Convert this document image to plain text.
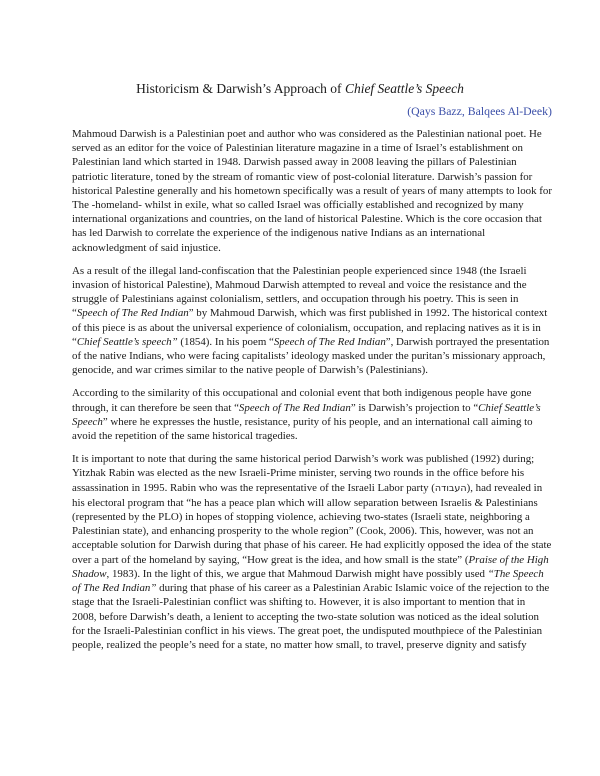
Historicism & Darwish’s Approach of Chief Seattle’s Speech
(Qays Bazz, Balqees Al-Deek)

Mahmoud Darwish is a Palestinian poet and author who was considered as the Palestinian national poet. He served as an editor for the voice of Palestinian literature magazine in a time of Israel’s establishment on Palestinian land which started in 1948. Darwish passed away in 2008 leaving the pillars of Palestinian patriotic literature, toned by the stream of romantic view of post-colonial literature. Darwish’s passion for historical Palestine generally and his hometown specifically was a result of years of many attempts to look for The -homeland- whilst in exile, what so called Israel was officially established and recognized by many international organizations and countries, on the land of historical Palestine. Which is the core occasion that has led Darwish to correlate the experience of the indigenous native Indians as an international acknowledgment of said injustice.

As a result of the illegal land-confiscation that the Palestinian people experienced since 1948 (the Israeli invasion of historical Palestine), Mahmoud Darwish attempted to reveal and voice the resistance and the struggle of Palestinians against colonialism, settlers, and occupation through his poetry. This is seen in “Speech of The Red Indian” by Mahmoud Darwish, which was first published in 1992. The historical context of this piece is as about the universal experience of colonialism, occupation, and replacing natives as it is in “Chief Seattle’s speech” (1854). In his poem “Speech of The Red Indian”, Darwish portrayed the presentation of the native Indians, who were facing capitalists’ ideology masked under the puritan’s missionary approach, genocide, and war crimes similar to the native people of Darwish’s (Palestinians).

According to the similarity of this occupational and colonial event that both indigenous people have gone through, it can therefore be seen that “Speech of The Red Indian” is Darwish’s projection to “Chief Seattle’s Speech” where he expresses the hustle, resistance, purity of his people, and an international call aiming to avoid the repetition of the same historical tragedies.

It is important to note that during the same historical period Darwish’s work was published (1992) during; Yitzhak Rabin was elected as the new Israeli-Prime minister, serving two rounds in the office before his assassination in 1995. Rabin who was the representative of the Israeli Labor party (העבודה), had revealed in his electoral program that “he has a peace plan which will allow separation between Israelis & Palestinians (represented by the PLO) in hopes of stopping violence, achieving two-states (Israeli state, neighboring a Palestinian state), and enhancing prosperity to the whole region” (Cook, 2006). This, however, was not an acceptable solution for Darwish during that phase of his career. He had explicitly opposed the idea of the state over a part of the homeland by saying, “How great is the idea, and how small is the state” (Praise of the High Shadow, 1983). In the light of this, we argue that Mahmoud Darwish might have possibly used “The Speech of The Red Indian” during that phase of his career as a Palestinian Arabic Islamic voice of the rejection to the stage that the Israeli-Palestinian conflict was shifting to. However, it is also important to mention that in 2008, before Darwish’s death, a lenient to accepting the two-state solution was noticed as the ideal solution for the Israeli-Palestinian conflict in his views. The great poet, the undisputed mouthpiece of the Palestinian people, realized the people’s need for a state, no matter how small, to travel, preserve dignity and satisfy
